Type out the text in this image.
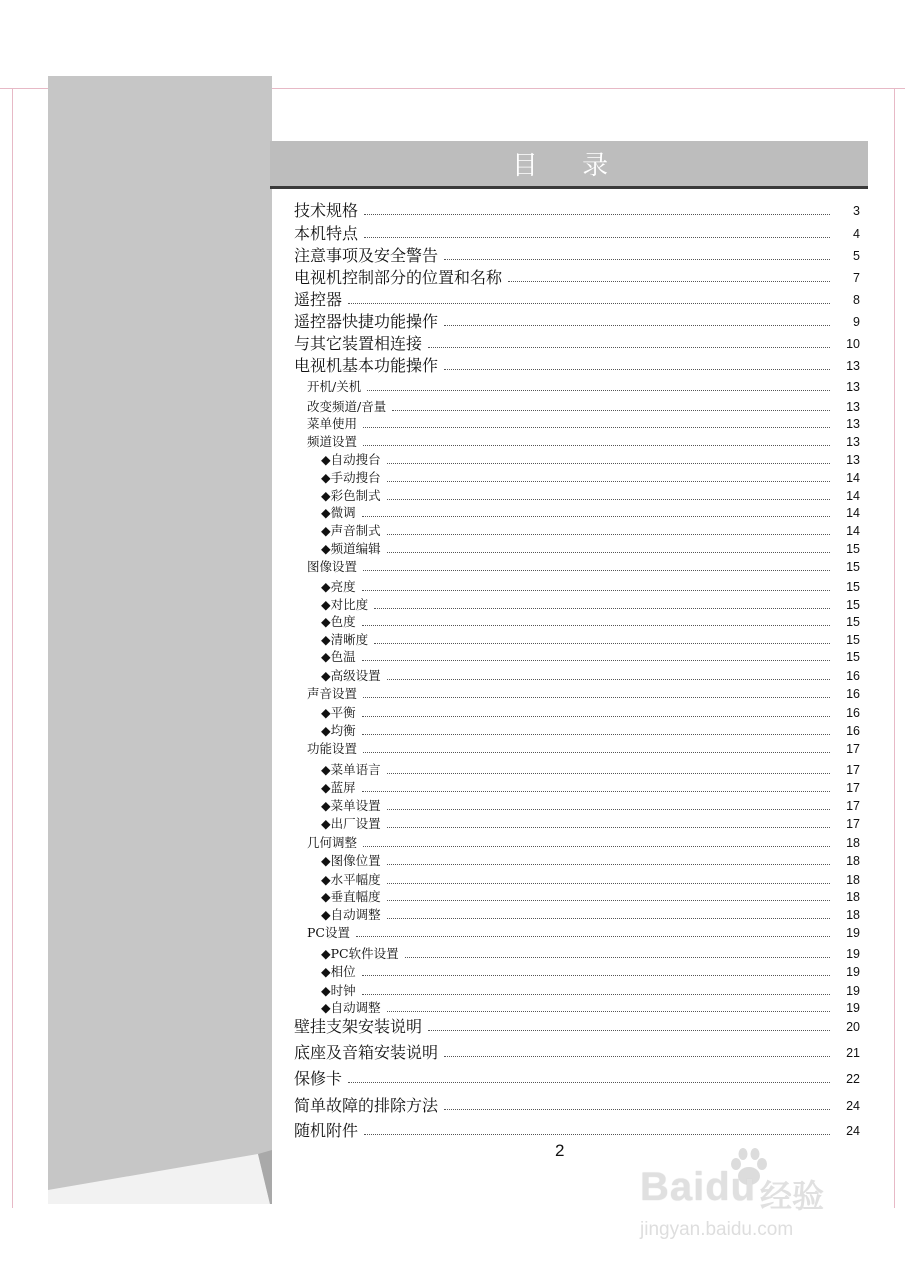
目 录
技术规格	3
本机特点	4
注意事项及安全警告	5
电视机控制部分的位置和名称	7
遥控器	8
遥控器快捷功能操作	9
与其它装置相连接	10
电视机基本功能操作	13
开机/关机	13
改变频道/音量	13
菜单使用	13
频道设置	13
◆自动搜台	13
◆手动搜台	14
◆彩色制式	14
◆微调	14
◆声音制式	14
◆频道编辑	15
图像设置	15
◆亮度	15
◆对比度	15
◆色度	15
◆清晰度	15
◆色温	15
◆高级设置	16
声音设置	16
◆平衡	16
◆均衡	16
功能设置	17
◆菜单语言	17
◆蓝屏	17
◆菜单设置	17
◆出厂设置	17
几何调整	18
◆图像位置	18
◆水平幅度	18
◆垂直幅度	18
◆自动调整	18
PC设置	19
◆PC软件设置	19
◆相位	19
◆时钟	19
◆自动调整	19
壁挂支架安装说明	20
底座及音箱安装说明	21
保修卡	22
简单故障的排除方法	24
随机附件	24
2
Baidu 经验
jingyan.baidu.com
